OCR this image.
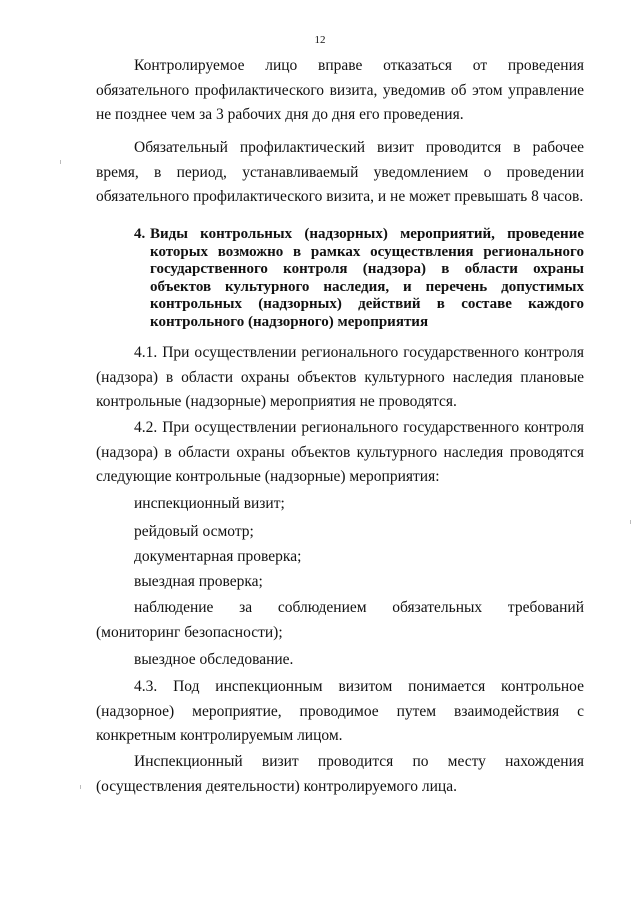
12
Контролируемое лицо вправе отказаться от проведения обязательного профилактического визита, уведомив об этом управление не позднее чем за 3 рабочих дня до дня его проведения.
Обязательный профилактический визит проводится в рабочее время, в период, устанавливаемый уведомлением о проведении обязательного профилактического визита, и не может превышать 8 часов.
4. Виды контрольных (надзорных) мероприятий, проведение которых возможно в рамках осуществления регионального государственного контроля (надзора) в области охраны объектов культурного наследия, и перечень допустимых контрольных (надзорных) действий в составе каждого контрольного (надзорного) мероприятия
4.1. При осуществлении регионального государственного контроля (надзора) в области охраны объектов культурного наследия плановые контрольные (надзорные) мероприятия не проводятся.
4.2. При осуществлении регионального государственного контроля (надзора) в области охраны объектов культурного наследия проводятся следующие контрольные (надзорные) мероприятия:
инспекционный визит;
рейдовый осмотр;
документарная проверка;
выездная проверка;
наблюдение за соблюдением обязательных требований (мониторинг безопасности);
выездное обследование.
4.3. Под инспекционным визитом понимается контрольное (надзорное) мероприятие, проводимое путем взаимодействия с конкретным контролируемым лицом.
Инспекционный визит проводится по месту нахождения (осуществления деятельности) контролируемого лица.
